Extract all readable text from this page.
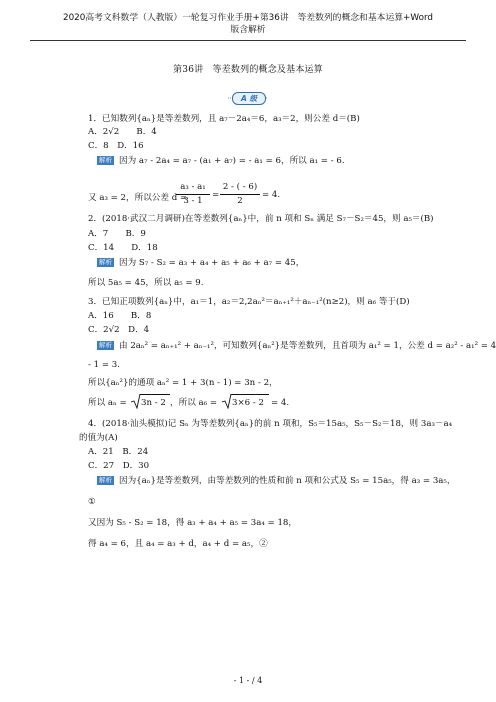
2020高考文科数学（人教版）一轮复习作业手册+第36讲　等差数列的概念和基本运算+Word
版含解析
第36讲　等差数列的概念及基本运算
A 级
1．已知数列{aₙ}是等差数列，且 a₇－2a₄＝6，a₃＝2，则公差 d＝(B)
A．2√2　　B．4
C．8　D．16
解析 因为 a₇ - 2a₄ = a₇ - (a₁ + a₇) = - a₁ = 6，所以 a₁ = - 6.
又 a₃ = 2，所以公差 d =
a₃ - a₁
3 - 1
=
2 - ( - 6)
2
= 4.
2．(2018·武汉二月调研)在等差数列{aₙ}中，前 n 项和 Sₙ 满足 S₇－S₂＝45，则 a₅＝(B)
A．7　　B．9
C．14　　D．18
解析 因为 S₇ - S₂ = a₃ + a₄ + a₅ + a₆ + a₇ = 45，
所以 5a₅ = 45，所以 a₅ = 9.
3．已知正项数列{aₙ}中，a₁＝1，a₂＝2,2aₙ²＝aₙ₊₁²＋aₙ₋₁²(n≥2)，则 a₆ 等于(D)
A．16　　B．8
C．2√2　D．4
解析 由 2aₙ² = aₙ₊₁² + aₙ₋₁²，可知数列{aₙ²}是等差数列，且首项为 a₁² = 1，公差 d = a₂² - a₁² = 4
- 1 = 3.
所以{aₙ²}的通项 aₙ² = 1 + 3(n - 1) = 3n - 2，
所以 aₙ = 3n - 2 ，所以 a₆ = 3×6 - 2 = 4.
4．(2018·汕头模拟)记 Sₙ 为等差数列{aₙ}的前 n 项和，S₅＝15a₅，S₅－S₂＝18，则 3a₃－a₄
的值为(A)
A．21　B．24
C．27　D．30
解析 因为{aₙ}是等差数列，由等差数列的性质和前 n 项和公式及 S₅ = 15a₅，得 a₃ = 3a₅，
①
又因为 S₅ - S₂ = 18，得 a₃ + a₄ + a₅ = 3a₄ = 18，
得 a₄ = 6，且 a₄ = a₃ + d，a₄ + d = a₅，②
- 1 - / 4
